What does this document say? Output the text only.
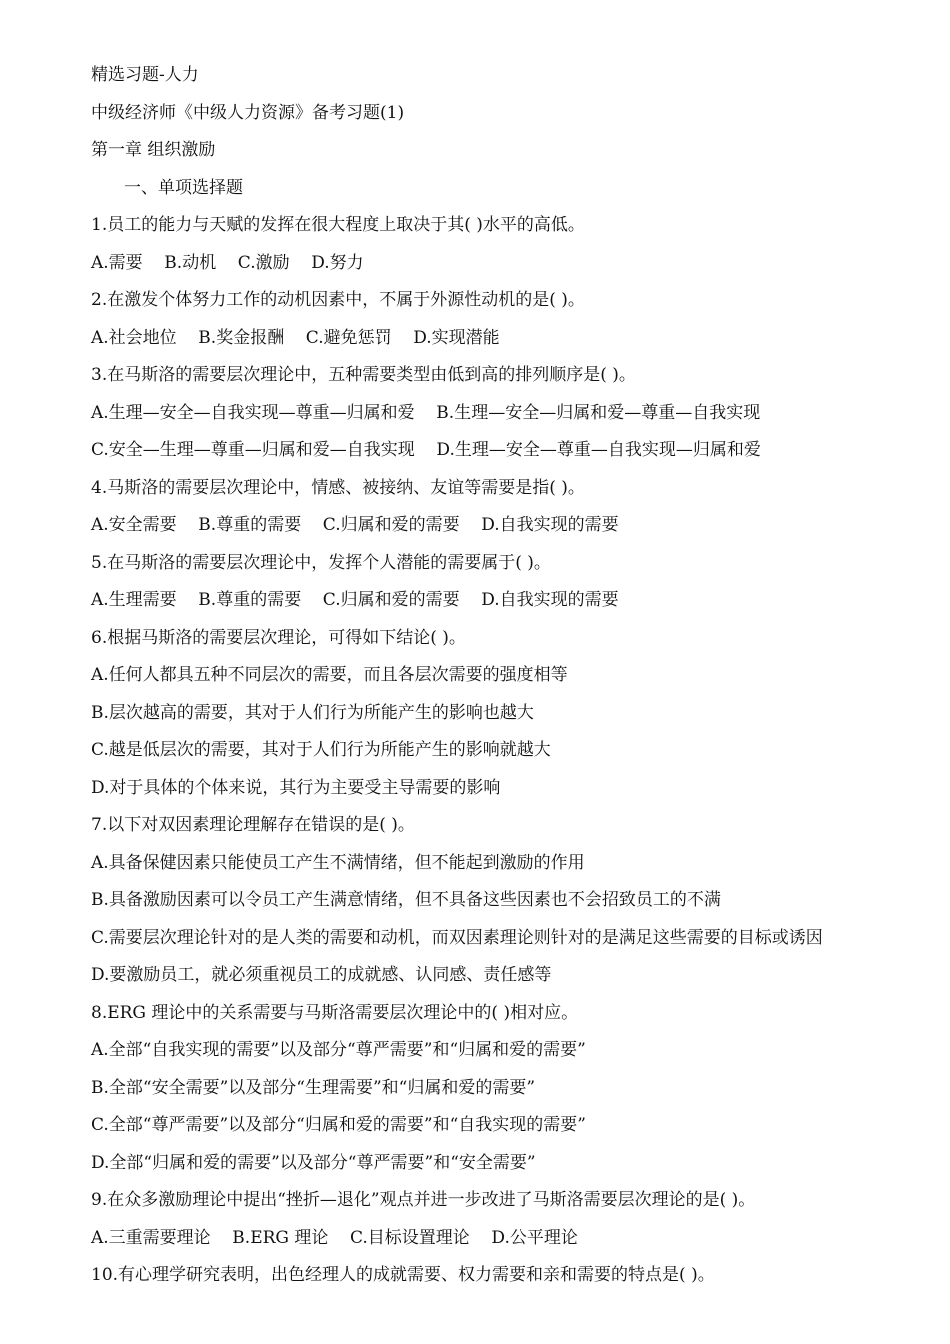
精选习题-人力
中级经济师《中级人力资源》备考习题(1)
第一章 组织激励
一、单项选择题
1.员工的能力与天赋的发挥在很大程度上取决于其( )水平的高低。
A.需要    B.动机    C.激励    D.努力
2.在激发个体努力工作的动机因素中，不属于外源性动机的是( )。
A.社会地位    B.奖金报酬    C.避免惩罚    D.实现潜能
3.在马斯洛的需要层次理论中，五种需要类型由低到高的排列顺序是( )。
A.生理—安全—自我实现—尊重—归属和爱    B.生理—安全—归属和爱—尊重—自我实现
C.安全—生理—尊重—归属和爱—自我实现    D.生理—安全—尊重—自我实现—归属和爱
4.马斯洛的需要层次理论中，情感、被接纳、友谊等需要是指( )。
A.安全需要    B.尊重的需要    C.归属和爱的需要    D.自我实现的需要
5.在马斯洛的需要层次理论中，发挥个人潜能的需要属于( )。
A.生理需要    B.尊重的需要    C.归属和爱的需要    D.自我实现的需要
6.根据马斯洛的需要层次理论，可得如下结论( )。
A.任何人都具五种不同层次的需要，而且各层次需要的强度相等
B.层次越高的需要，其对于人们行为所能产生的影响也越大
C.越是低层次的需要，其对于人们行为所能产生的影响就越大
D.对于具体的个体来说，其行为主要受主导需要的影响
7.以下对双因素理论理解存在错误的是( )。
A.具备保健因素只能使员工产生不满情绪，但不能起到激励的作用
B.具备激励因素可以令员工产生满意情绪，但不具备这些因素也不会招致员工的不满
C.需要层次理论针对的是人类的需要和动机，而双因素理论则针对的是满足这些需要的目标或诱因
D.要激励员工，就必须重视员工的成就感、认同感、责任感等
8.ERG 理论中的关系需要与马斯洛需要层次理论中的( )相对应。
A.全部“自我实现的需要”以及部分“尊严需要”和“归属和爱的需要”
B.全部“安全需要”以及部分“生理需要”和“归属和爱的需要”
C.全部“尊严需要”以及部分“归属和爱的需要”和“自我实现的需要”
D.全部“归属和爱的需要”以及部分“尊严需要”和“安全需要”
9.在众多激励理论中提出“挫折—退化”观点并进一步改进了马斯洛需要层次理论的是( )。
A.三重需要理论    B.ERG 理论    C.目标设置理论    D.公平理论
10.有心理学研究表明，出色经理人的成就需要、权力需要和亲和需要的特点是( )。
